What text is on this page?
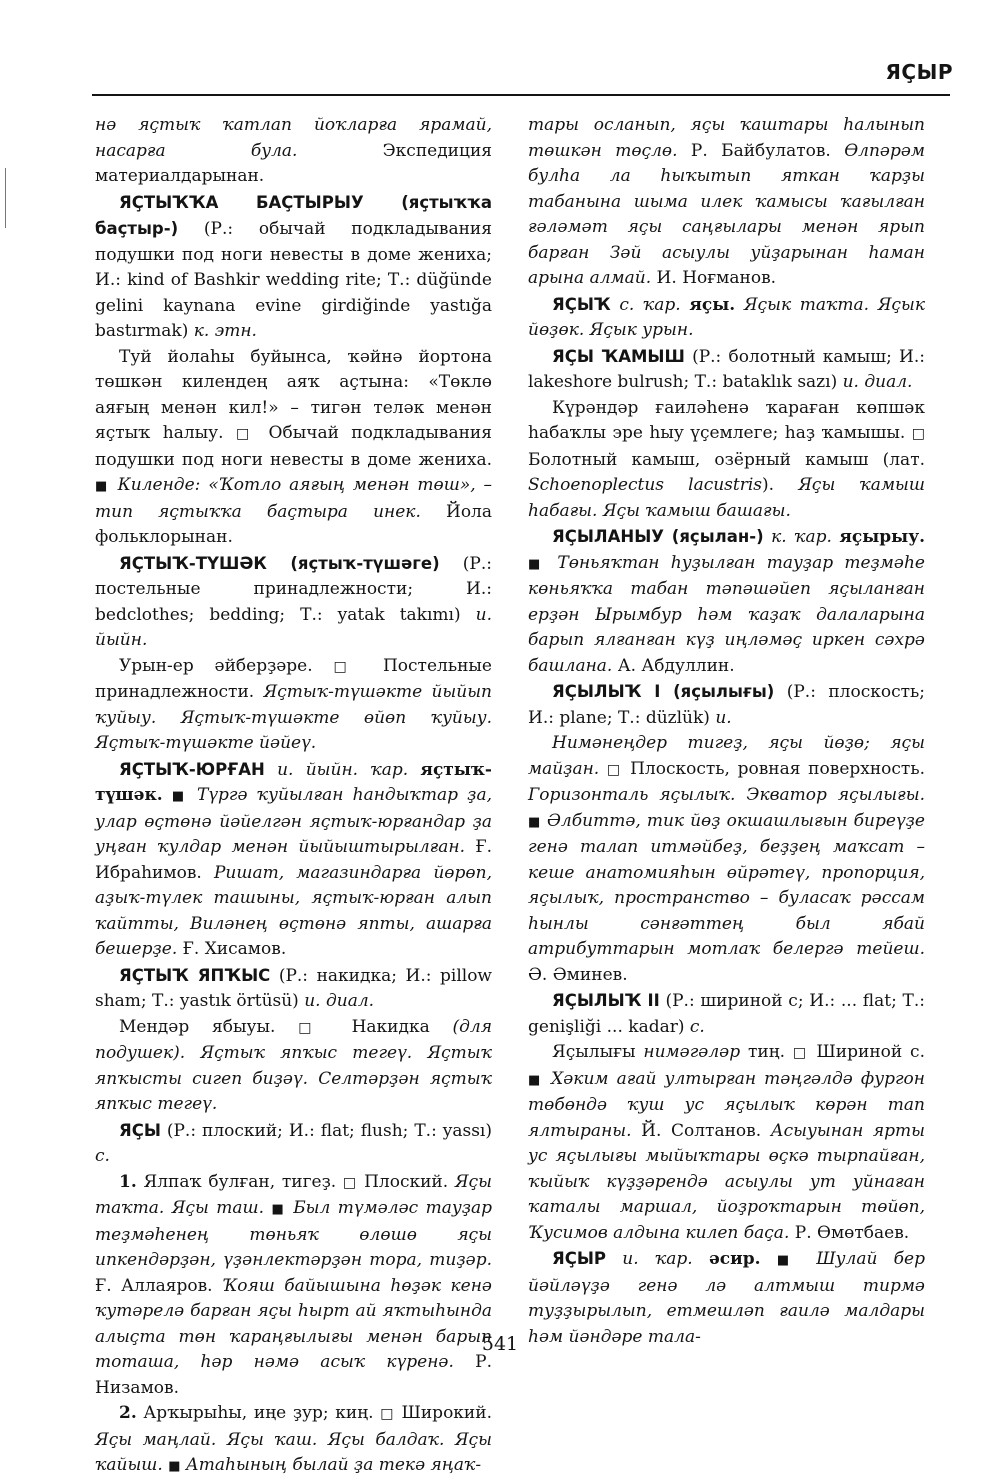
ЯҪЫР

нә яҫтыҡ ҡатлап йоҡларға ярамай, насарға була. Экспедиция материалдарынан.

ЯҪТЫҠҠА БАҪТЫРЫУ (яҫтыҡҡа баҫтыр-) (Р.: обычай подкладывания подушки под ноги невесты в доме жениха; И.: kind of Bashkir wedding rite; Т.: düğünde gelini kaynana evine girdiğinde yastığa bastırmak) к. этн.

Туй йолаһы буйынса, ҡәйнә йортона төшкән килендең аяҡ аҫтына: «Төклө аяғың менән кил!» – тигән теләк менән яҫтыҡ һалыу. □ Обычай подкладывания подушки под ноги невесты в доме жениха. ■ Киленде: «Ҡотло аяғың менән төш», – тип яҫтыҡҡа баҫтыра инек. Йола фольклорынан.

ЯҪТЫҠ-ТҮШӘК (яҫтыҡ-түшәге) (Р.: постельные принадлежности; И.: bedclothes; bedding; Т.: yatak takımı) и. йыйн.

Урын-ер әйберҙәре. □ Постельные принадлежности. Яҫтыҡ-түшәкте йыйып ҡуйыу. Яҫтыҡ-түшәкте өйөп ҡуйыу. Яҫтыҡ-түшәкте йәйеү.

ЯҪТЫҠ-ЮРҒАН и. йыйн. ҡар. яҫтыҡ-түшәк. ■ Түргә ҡуйылған һандыҡтар ҙа, улар өҫтөнә йәйелгән яҫтыҡ-юрғандар ҙа уңған ҡулдар менән йыйыштырылған. Ғ. Ибраһимов. Ришат, магазиндарға йөрөп, аҙыҡ-түлек ташыны, яҫтыҡ-юрған алып ҡайтты, Виләнең өҫтөнә япты, ашарға бешерҙе. Ғ. Хисамов.

ЯҪТЫҠ ЯПҠЫС (Р.: накидка; И.: pillow sham; Т.: yastık örtüsü) и. диал.

Мендәр ябыуы. □ Накидка (для подушек). Яҫтыҡ япҡыс тегеү. Яҫтыҡ япҡысты сигеп биҙәү. Селтәрҙән яҫтыҡ япҡыс тегеү.

ЯҪЫ (Р.: плоский; И.: flat; flush; Т.: yassı) с.

1. Ялпаҡ булған, тигеҙ. □ Плоский. Яҫы таҡта. Яҫы таш. ■ Был түмәләс тауҙар теҙмәһенең төньяҡ өлөшө яҫы ипкендәрҙән, үҙәнлектәрҙән тора, тиҙәр. Ғ. Аллаяров. Ҡояш байышына һөҙәк кенә ҡутәрелә барған яҫы һырт ай яҡтыһында алыҫта төн ҡараңғылығы менән барып тоташа, һәр нәмә асыҡ күренә. Р. Низамов.

2. Арҡырыһы, иңе ҙур; киң. □ Широкий. Яҫы маңлай. Яҫы ҡаш. Яҫы балдаҡ. Яҫы ҡайыш. ■ Атаһының былай ҙа текә яңаҡ-

тары осланып, яҫы ҡаштары һалынып төшкән төҫлө. Р. Байбулатов. Өлпәрәм булһа ла һыҡытып яткан ҡарҙы табанына шыма илек ҡамысы ҡағылған ғәләмәт яҫы саңғылары менән ярып барған Зәй асыулы уйҙарынан һаман арына алмай. И. Ноғманов.

ЯҪЫҠ с. ҡар. яҫы. Яҫык таҡта. Яҫык йөҙөк. Яҫык урын.

ЯҪЫ ҠАМЫШ (Р.: болотный камыш; И.: lakeshore bulrush; Т.: bataklık sazı) и. диал.

Күрәндәр ғаиләһенә ҡараған көпшәк һабаҡлы эре һыу үҫемлеге; һаҙ ҡамышы. □ Болотный камыш, озёрный камыш (лат. Schoenoplectus lacustris). Яҫы ҡамыш һабағы. Яҫы ҡамыш башағы.

ЯҪЫЛАНЫУ (яҫылан-) к. ҡар. яҫырыу. ■ Төньяҡтан һуҙылған тауҙар теҙмәһе көньяҡҡа табан тәпәшәйеп яҫыланған ерҙән Ырымбур һәм ҡаҙаҡ далаларына барып ялғанған күҙ иңләмәҫ иркен сәхрә башлана. А. Абдуллин.

ЯҪЫЛЫҠ I (яҫылығы) (Р.: плоскость; И.: plane; Т.: düzlük) и.

Нимәнеңдер тигеҙ, яҫы йөҙө; яҫы майҙан. □ Плоскость, ровная поверхность. Горизонталь яҫылыҡ. Экватор яҫылығы. ■ Әлбиттә, тик йөҙ окшашлығын биреүҙе генә талап итмәйбеҙ, беҙҙең маҡсат – кеше анатомияһын өйрәтеү, пропорция, яҫылыҡ, пространство – буласаҡ рәссам һынлы сәнғәттең был ябай атрибуттарын мотлаҡ белергә тейеш. Ә. Әминев.

ЯҪЫЛЫҠ II (Р.: шириной с; И.: ... flat; Т.: genişliği ... kadar) с.

Яҫылығы нимәгәләр тиң. □ Шириной с. ■ Хәким ағай ултырған тәңгәлдә фургон төбөндә ҡуш ус яҫылыҡ көрән тап ялтыраны. Й. Солтанов. Асыуынан ярты ус яҫылығы мыйыҡтары өҫкә тырпайған, ҡыйыҡ күҙҙәрендә асыулы ут уйнаған ҡаталы маршал, йоҙроҡтарын төйөп, Ҡусимов алдына килеп баҫа. Р. Өмөтбаев.

ЯҪЫР и. ҡар. әсир. ■ Шулай бер йәйләүҙә генә лә алтмыш тирмә туҙҙырылып, етмешләп ғаилә малдары һәм йәндәре тала-

541
